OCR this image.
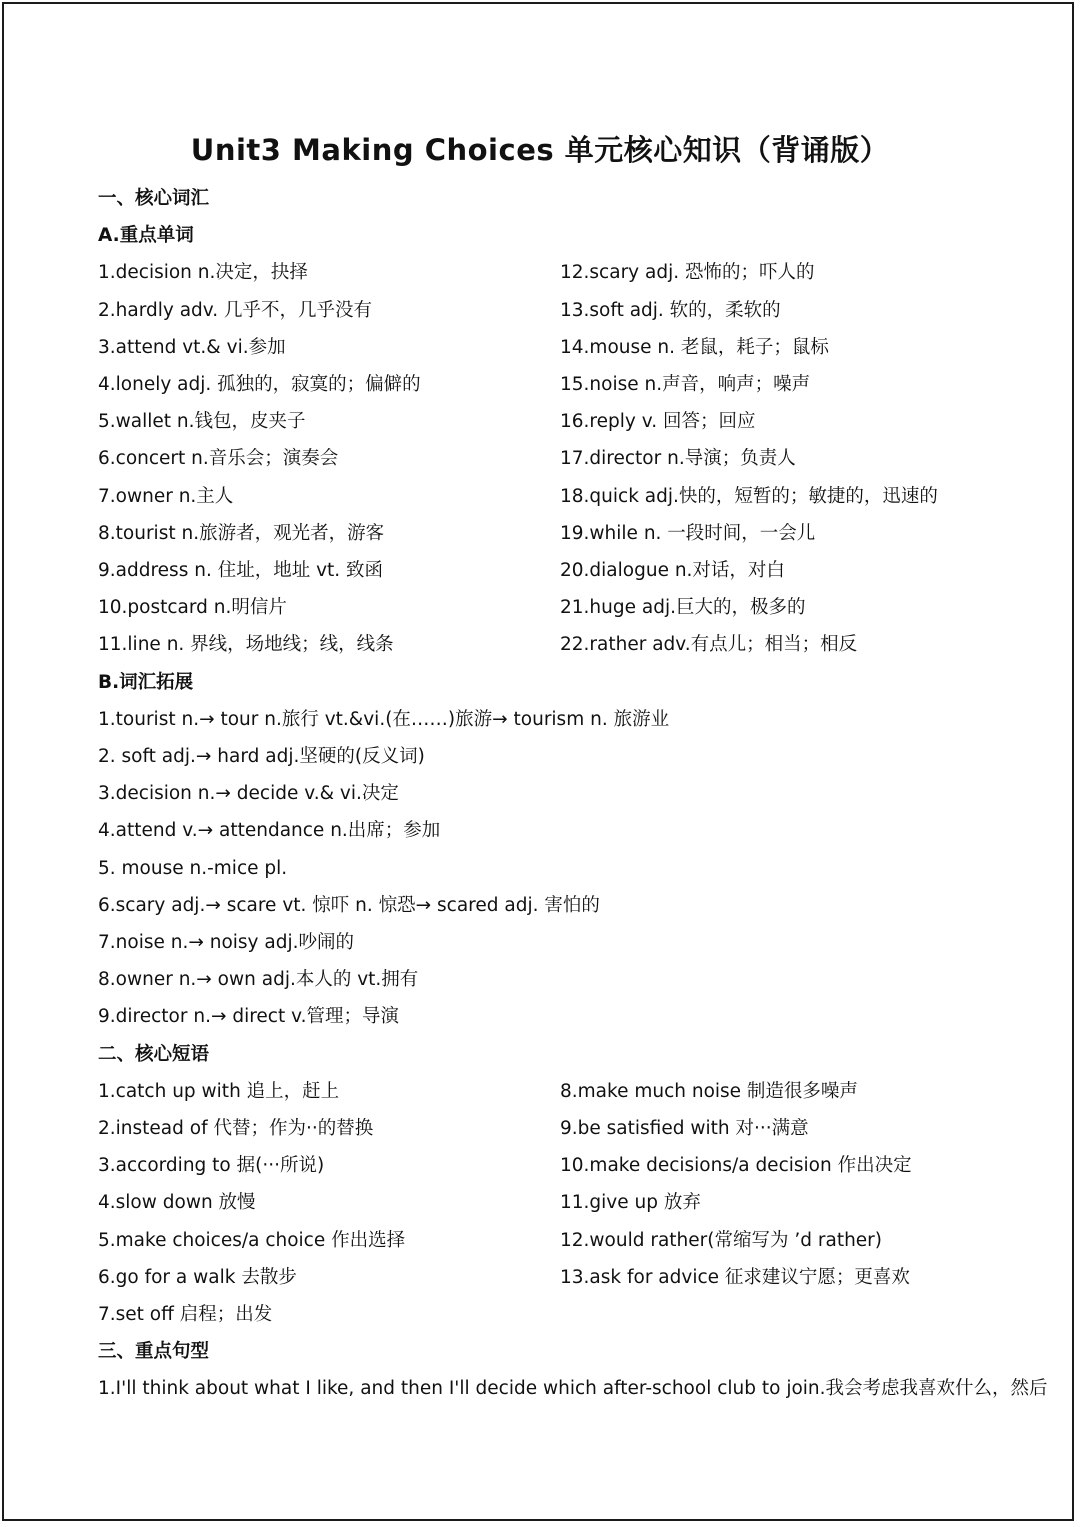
Unit3 Making Choices 单元核心知识（背诵版）
一、核心词汇
A.重点单词
1.decision n.决定，抉择
2.hardly adv. 几乎不，几乎没有
3.attend vt.& vi.参加
4.lonely adj. 孤独的，寂寞的；偏僻的
5.wallet n.钱包，皮夹子
6.concert n.音乐会；演奏会
7.owner n.主人
8.tourist n.旅游者，观光者，游客
9.address n. 住址，地址 vt. 致函
10.postcard n.明信片
11.line n. 界线，场地线；线，线条
12.scary adj. 恐怖的；吓人的
13.soft adj. 软的，柔软的
14.mouse n. 老鼠，耗子；鼠标
15.noise n.声音，响声；噪声
16.reply v. 回答；回应
17.director n.导演；负责人
18.quick adj.快的，短暂的；敏捷的，迅速的
19.while n. 一段时间，一会儿
20.dialogue n.对话，对白
21.huge adj.巨大的，极多的
22.rather adv.有点儿；相当；相反
B.词汇拓展
1.tourist n.→ tour n.旅行 vt.&vi.(在……)旅游→ tourism n. 旅游业
2. soft adj.→ hard adj.坚硬的(反义词)
3.decision n.→ decide v.& vi.决定
4.attend v.→ attendance n.出席；参加
5. mouse n.-mice pl.
6.scary adj.→ scare vt. 惊吓 n. 惊恐→ scared adj. 害怕的
7.noise n.→ noisy adj.吵闹的
8.owner n.→ own adj.本人的 vt.拥有
9.director n.→ direct v.管理；导演
二、核心短语
1.catch up with 追上，赶上
2.instead of 代替；作为··的替换
3.according to 据(···所说)
4.slow down 放慢
5.make choices/a choice 作出选择
6.go for a walk 去散步
7.set off 启程；出发
8.make much noise 制造很多噪声
9.be satisfied with 对···满意
10.make decisions/a decision 作出决定
11.give up 放弃
12.would rather(常缩写为 ’d rather)
13.ask for advice 征求建议宁愿；更喜欢
三、重点句型
1.I'll think about what I like, and then I'll decide which after-school club to join.我会考虑我喜欢什么，然后
